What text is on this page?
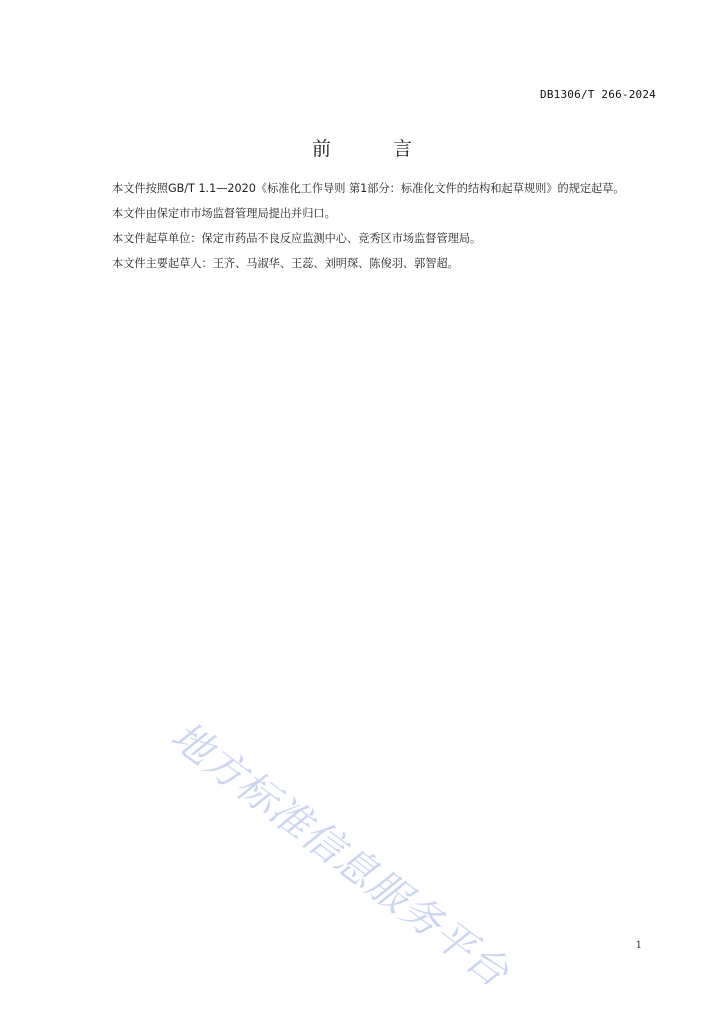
DB1306/T 266-2024
前 言

本文件按照GB/T 1.1—2020《标准化工作导则 第1部分：标准化文件的结构和起草规则》的规定起草。

本文件由保定市市场监督管理局提出并归口。

本文件起草单位：保定市药品不良反应监测中心、竞秀区市场监督管理局。

本文件主要起草人：王齐、马淑华、王蕊、刘明琛、陈俊羽、郭智超。

地方标准信息服务平台	1
